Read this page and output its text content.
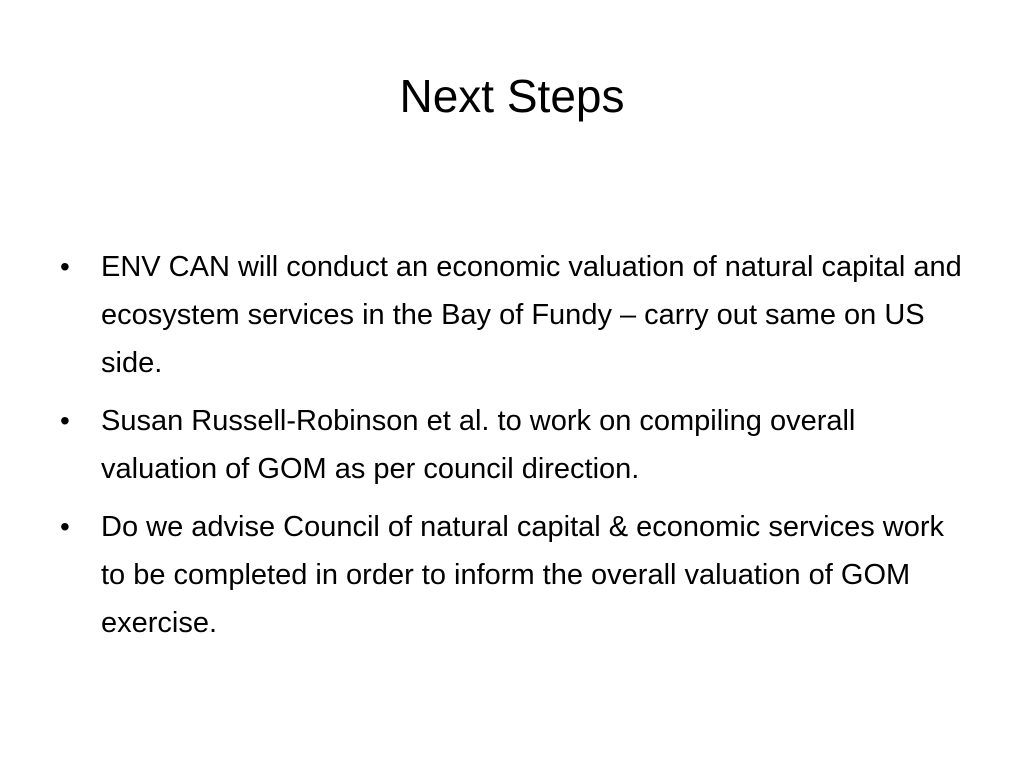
Next Steps
•	ENV CAN will conduct an economic valuation of natural capital and ecosystem services in the Bay of Fundy – carry out same on US side.
•	Susan Russell-Robinson et al. to work on compiling overall valuation of GOM as per council direction.
•	Do we advise Council of natural capital & economic services work to be completed in order to inform the overall valuation of GOM exercise.
